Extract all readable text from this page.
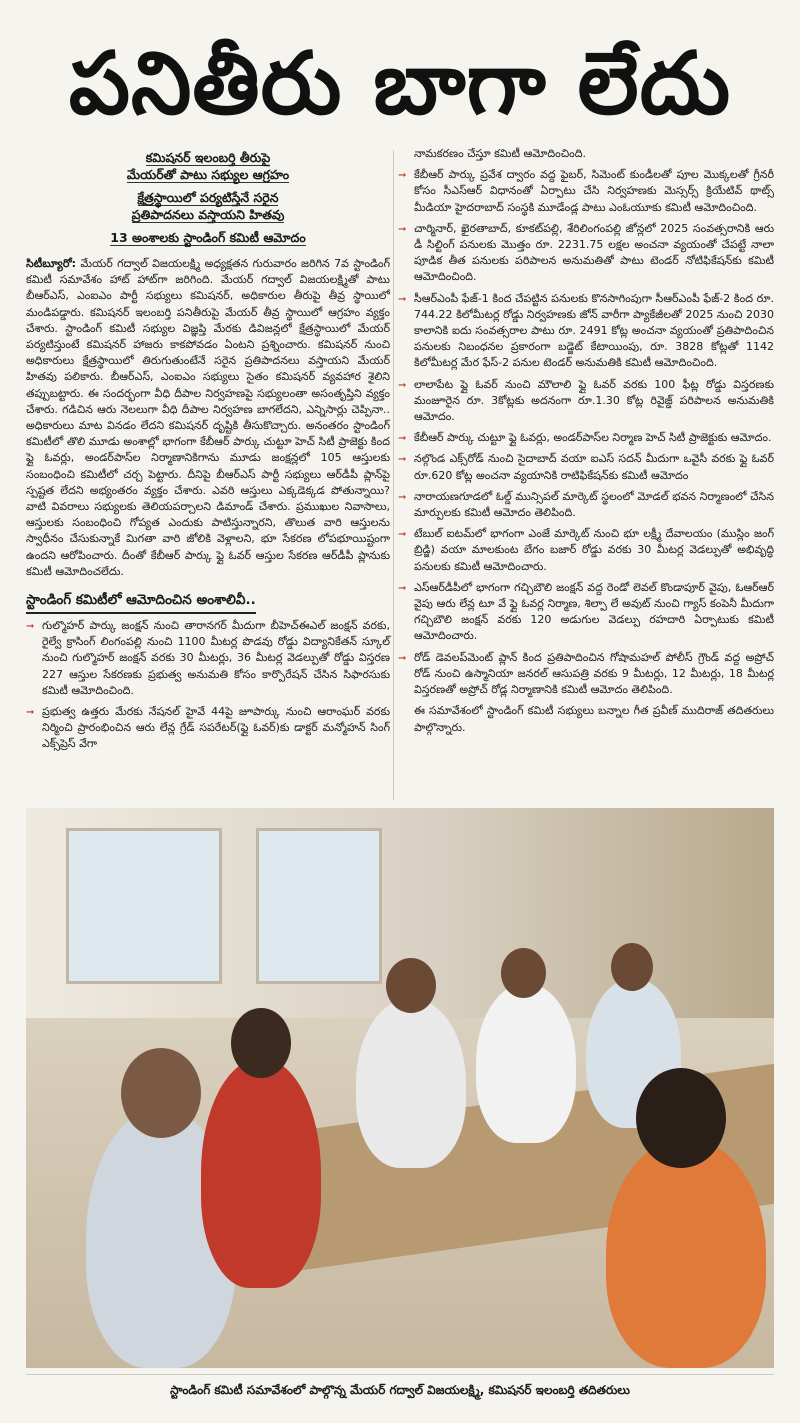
పనితీరు బాగా లేదు
కమిషనర్ ఇలంబర్తి తీరుపై
మేయర్‌తో పాటు సభ్యుల ఆగ్రహం
క్షేత్రస్థాయిలో పర్యటిస్తేనే సరైన
ప్రతిపాదనలు వస్తాయని హితవు
13 అంశాలకు స్టాండింగ్ కమిటీ ఆమోదం

సిటీబ్యూరో: మేయర్ గద్వాల్ విజయలక్ష్మి అధ్యక్షతన గురువారం జరిగిన 7వ స్టాండింగ్ కమిటీ సమావేశం హాట్ హాట్‌గా జరిగింది. మేయర్ గద్వాల్ విజయలక్ష్మితో పాటు బీఆర్ఎస్, ఎంఐఎం పార్టీ సభ్యులు కమిషనర్, అధికారుల తీరుపై తీవ్ర స్థాయిలో మండిపడ్డారు. కమిషనర్ ఇలంబర్తి పనితీరుపై మేయర్ తీవ్ర స్థాయిలో ఆగ్రహం వ్యక్తం చేశారు. స్టాండింగ్ కమిటీ సభ్యుల విజ్ఞప్తి మేరకు డివిజన్లలో క్షేత్రస్థాయిలో మేయర్ పర్యటిస్తుంటే కమిషనర్ హాజరు కాకపోవడం ఏంటని ప్రశ్నించారు. కమిషనర్ నుంచి అధికారులు క్షేత్రస్థాయిలో తిరుగుతుంటేనే సరైన ప్రతిపాదనలు వస్తాయని మేయర్ హితవు పలికారు. బీఆర్ఎస్, ఎంఐఎం సభ్యులు సైతం కమిషనర్ వ్యవహార శైలిని తప్పుబట్టారు. ఈ సందర్భంగా వీధి దీపాల నిర్వహణపై సభ్యులంతా అసంతృప్తిని వ్యక్తం చేశారు. గడిచిన ఆరు నెలలుగా వీధి దీపాల నిర్వహణ బాగలేదని, ఎన్నిసార్లు చెప్పినా.. అధికారులు మాట వినడం లేదని కమిషనర్ దృష్టికి తీసుకొచ్చారు. అనంతరం స్టాండింగ్ కమిటీలో తొలి మూడు అంశాల్లో భాగంగా కేబీఆర్ పార్కు చుట్టూ హెచ్ సిటీ ప్రాజెక్టు కింద ఫ్లై ఓవర్లు, అండర్‌పాస్‌ల నిర్మాణానికిగాను మూడు జంక్షన్లలో 105 ఆస్తులకు సంబంధించి కమిటీలో చర్చ పెట్టారు. దీనిపై బీఆర్ఎస్ పార్టీ సభ్యులు ఆర్‌డీపీ ప్లాన్‌పై స్పష్టత లేదని అభ్యంతరం వ్యక్తం చేశారు. ఎవరి ఆస్తులు ఎక్కడెక్కడ పోతున్నాయి? వాటి వివరాలు సభ్యులకు తెలియపర్చాలని డిమాండ్ చేశారు. ప్రముఖుల నివాసాలు, ఆస్తులకు సంబంధించి గోప్యత ఎందుకు పాటిస్తున్నారని, తొలుత వారి ఆస్తులను స్వాధీనం చేసుకున్నాకే మిగతా వారి జోలికి వెళ్లాలని, భూ సేకరణ లోపభూయిష్టంగా ఉందని ఆరోపించారు. దీంతో కేబీఆర్ పార్కు ఫ్లై ఓవర్ ఆస్తుల సేకరణ ఆర్‌డీపీ ప్లానుకు కమిటీ ఆమోదించలేదు.

స్టాండింగ్ కమిటీలో ఆమోదించిన అంశాలివీ..
➞ గుల్మొహర్ పార్కు జంక్షన్ నుంచి తారానగర్ మీదుగా బీహెచ్ఈఎల్ జంక్షన్ వరకు, రైల్వే క్రాసింగ్ లింగంపల్లి నుంచి 1100 మీటర్ల పొడవు రోడ్డు విద్యానికేతన్ స్కూల్ నుంచి గుల్మొహర్ జంక్షన్ వరకు 30 మీటర్లు, 36 మీటర్ల వెడల్పుతో రోడ్డు విస్తరణ 227 ఆస్తుల సేకరణకు ప్రభుత్వ అనుమతి కోసం కార్పొరేషన్ చేసిన సిఫారసుకు కమిటీ ఆమోదించింది.
➞ ప్రభుత్వ ఉత్తరు మేరకు నేషనల్ హైవే 44పై జూపార్కు నుంచి ఆరాంఘర్ వరకు నిర్మించి ప్రారంభించిన ఆరు లేన్ల గ్రేడ్ సపరేటర్(ఫ్లై ఓవర్)కు డాక్టర్ మన్మోహన్ సింగ్ ఎక్స్‌ప్రెస్ వేగా

నామకరణం చేస్తూ కమిటీ ఆమోదించింది.

➞ కేబీఆర్ పార్కు ప్రవేశ ద్వారం వద్ద ఫైబర్, సిమెంట్ కుండీలతో పూల మొక్కలతో గ్రీనరీ కోసం సీఎస్ఆర్ విధానంతో ఏర్పాటు చేసి నిర్వహణకు మెస్సర్స్ క్రియేటివ్ థాట్స్ మీడియా హైదరాబాద్ సంస్థకి మూడేండ్ల పాటు ఎంఓయూకు కమిటీ ఆమోదించింది.
➞ చార్మినార్, ఖైరతాబాద్, కూకట్‌పల్లి, శేరిలింగంపల్లి జోన్లలో 2025 సంవత్సరానికి ఆరు డీ సిల్టింగ్ పనులకు మొత్తం రూ. 2231.75 లక్షల అంచనా వ్యయంతో చేపట్టే నాలా పూడిక తీత పనులకు పరిపాలన అనుమతితో పాటు టెండర్ నోటిఫికేషన్‌కు కమిటీ ఆమోదించింది.
➞ సీఆర్ఎంపీ ఫేజ్-1 కింద చేపట్టిన పనులకు కొనసాగింపుగా సీఆర్ఎంపీ ఫేజ్-2 కింద రూ. 744.22 కిలోమీటర్ల రోడ్డు నిర్వహణకు జోన్ వారీగా ప్యాకేజీలతో 2025 నుంచి 2030 కాలానికి ఐదు సంవత్సరాల పాటు రూ. 2491 కోట్ల అంచనా వ్యయంతో ప్రతిపాదించిన పనులకు నిబంధనల ప్రకారంగా బడ్జెట్ కేటాయింపు, రూ. 3828 కోట్లతో 1142 కిలోమీటర్ల మేర ఫేస్-2 పనుల టెండర్ అనుమతికి కమిటీ ఆమోదించింది.
➞ లాలాపేట ఫ్లై ఓవర్ నుంచి మౌలాలి ఫ్లై ఓవర్ వరకు 100 ఫీట్ల రోడ్డు విస్తరణకు మంజూరైన రూ. 3కోట్లకు అదనంగా రూ.1.30 కోట్ల రివైజ్డ్ పరిపాలన అనుమతికి ఆమోదం.
➞ కేబీఆర్ పార్కు చుట్టూ ఫ్లై ఓవర్లు, అండర్‌పాస్‌ల నిర్మాణ హెచ్ సిటీ ప్రాజెక్టుకు ఆమోదం.
➞ నల్గొండ ఎక్స్‌రోడ్ నుంచి సైదాబాద్ వయా ఐఎస్ సదన్ మీదుగా ఒవైసీ వరకు ఫ్లై ఓవర్ రూ.620 కోట్ల అంచనా వ్యయానికి రాటిఫికేషన్‌కు కమిటీ ఆమోదం
➞ నారాయణగూడలో ఓల్డ్ మున్సిపల్ మార్కెట్ స్థలంలో మోడల్ భవన నిర్మాణంలో చేసిన మార్పులకు కమిటీ ఆమోదం తెలిపింది.
➞ టేబుల్ ఐటమ్‌లో భాగంగా ఎంజే మార్కెట్ నుంచి భూ లక్ష్మీ దేవాలయం (ముస్లిం జంగ్ బ్రిడ్జి) వయా మాలకుంట బేగం బజార్ రోడ్డు వరకు 30 మీటర్ల వెడల్పుతో అభివృద్ధి పనులకు కమిటీ ఆమోదించారు.
➞ ఎస్ఆర్‌డీపీలో భాగంగా గచ్చిబౌలి జంక్షన్ వద్ద రెండో లెవల్ కొండాపూర్ వైపు, ఓఆర్ఆర్ వైపు ఆరు లేన్ల టూ వే ఫ్లై ఓవర్ల నిర్మాణ, శిల్పా లే అవుట్ నుంచి గ్యాస్ కంపెనీ మీదుగా గచ్చిబౌలి జంక్షన్ వరకు 120 అడుగుల వెడల్పు రహదారి ఏర్పాటుకు కమిటీ ఆమోదించారు.
➞ రోడ్ డెవలప్‌మెంట్ ప్లాన్ కింద ప్రతిపాదించిన గోషామహల్ పోలీస్ గ్రౌండ్ వద్ద అప్రోచ్ రోడ్ నుంచి ఉస్మానియా జనరల్ ఆసుపత్రి వరకు 9 మీటర్లు, 12 మీటర్లు, 18 మీటర్ల విస్తరణతో అప్రోచ్ రోడ్ల నిర్మాణానికి కమిటీ ఆమోదం తెలిపింది.

ఈ సమావేశంలో స్టాండింగ్ కమిటీ సభ్యులు బన్నాల గీత ప్రవీణ్ ముదిరాజ్ తదితరులు పాల్గొన్నారు.

స్టాండింగ్ కమిటీ సమావేశంలో పాల్గొన్న మేయర్ గద్వాల్ విజయలక్ష్మి, కమిషనర్ ఇలంబర్తి తదితరులు
